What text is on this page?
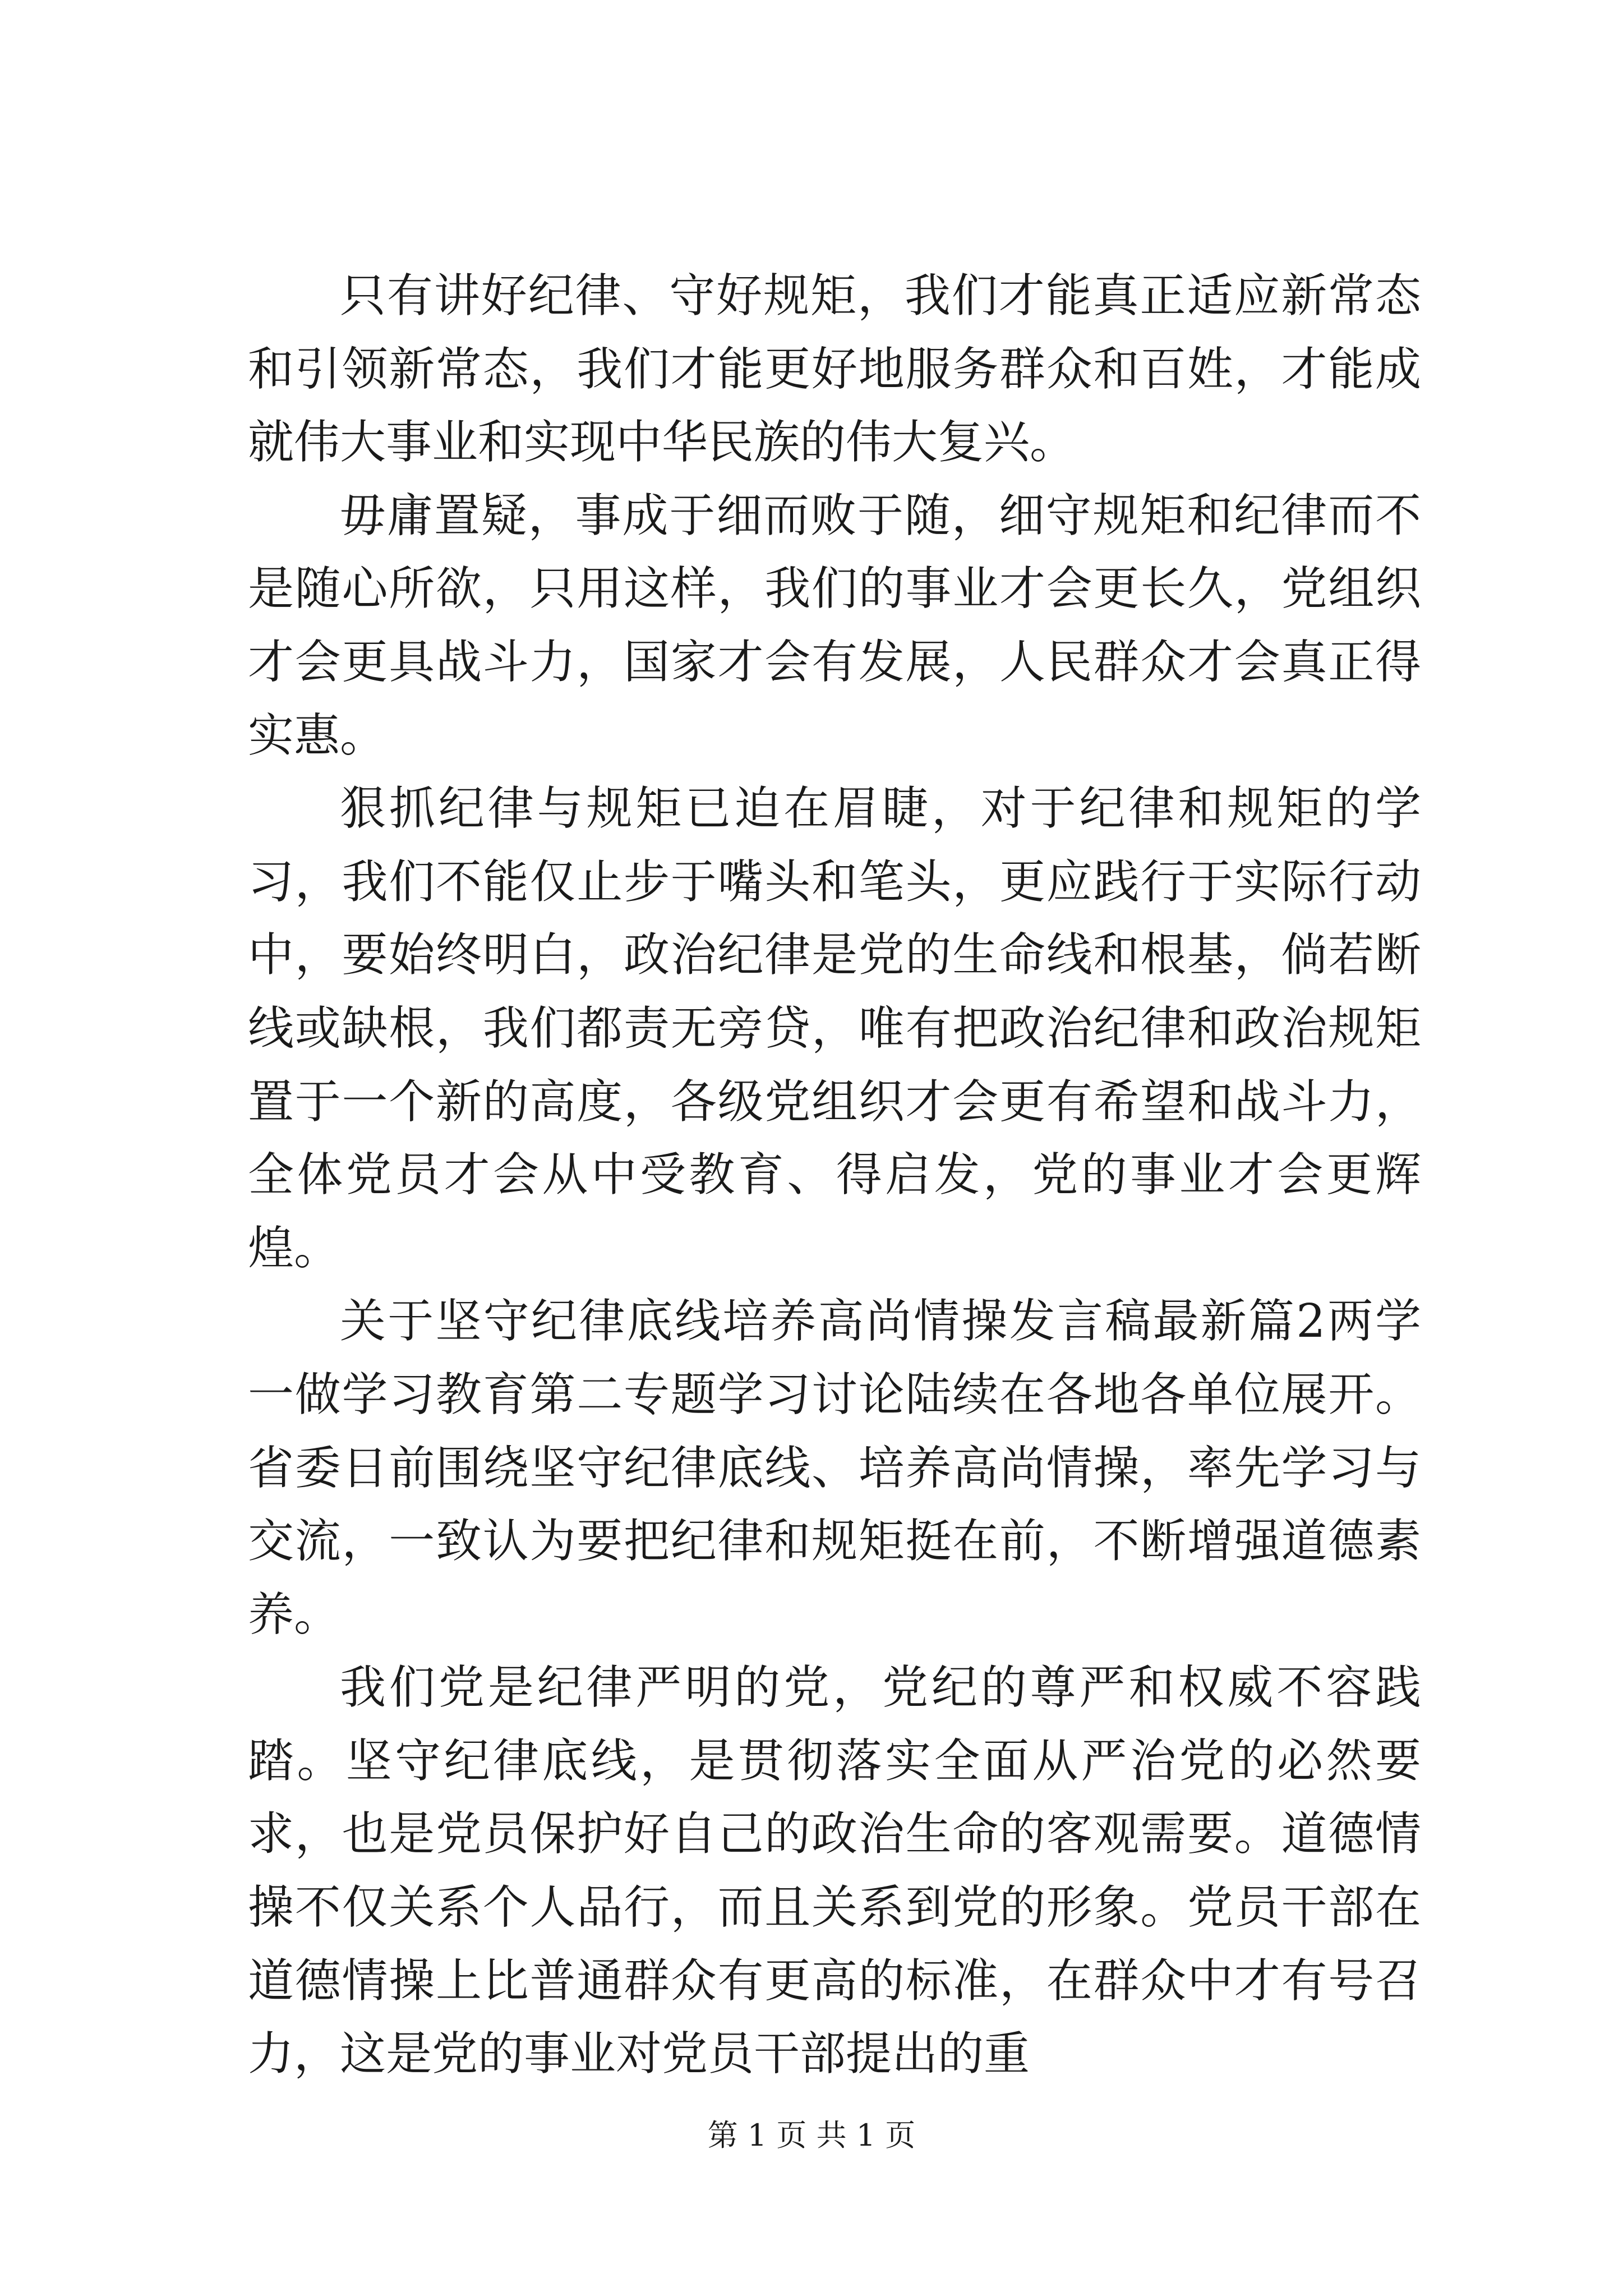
只有讲好纪律、守好规矩，我们才能真正适应新常态和引领新常态，我们才能更好地服务群众和百姓，才能成就伟大事业和实现中华民族的伟大复兴。

毋庸置疑，事成于细而败于随，细守规矩和纪律而不是随心所欲，只用这样，我们的事业才会更长久，党组织才会更具战斗力，国家才会有发展，人民群众才会真正得实惠。

狠抓纪律与规矩已迫在眉睫，对于纪律和规矩的学习，我们不能仅止步于嘴头和笔头，更应践行于实际行动中，要始终明白，政治纪律是党的生命线和根基，倘若断线或缺根，我们都责无旁贷，唯有把政治纪律和政治规矩置于一个新的高度，各级党组织才会更有希望和战斗力，全体党员才会从中受教育、得启发，党的事业才会更辉煌。

关于坚守纪律底线培养高尚情操发言稿最新篇2两学一做学习教育第二专题学习讨论陆续在各地各单位展开。省委日前围绕坚守纪律底线、培养高尚情操，率先学习与交流，一致认为要把纪律和规矩挺在前，不断增强道德素养。

我们党是纪律严明的党，党纪的尊严和权威不容践踏。坚守纪律底线，是贯彻落实全面从严治党的必然要求，也是党员保护好自己的政治生命的客观需要。道德情操不仅关系个人品行，而且关系到党的形象。党员干部在道德情操上比普通群众有更高的标准，在群众中才有号召力，这是党的事业对党员干部提出的重

第 1 页 共 1 页
